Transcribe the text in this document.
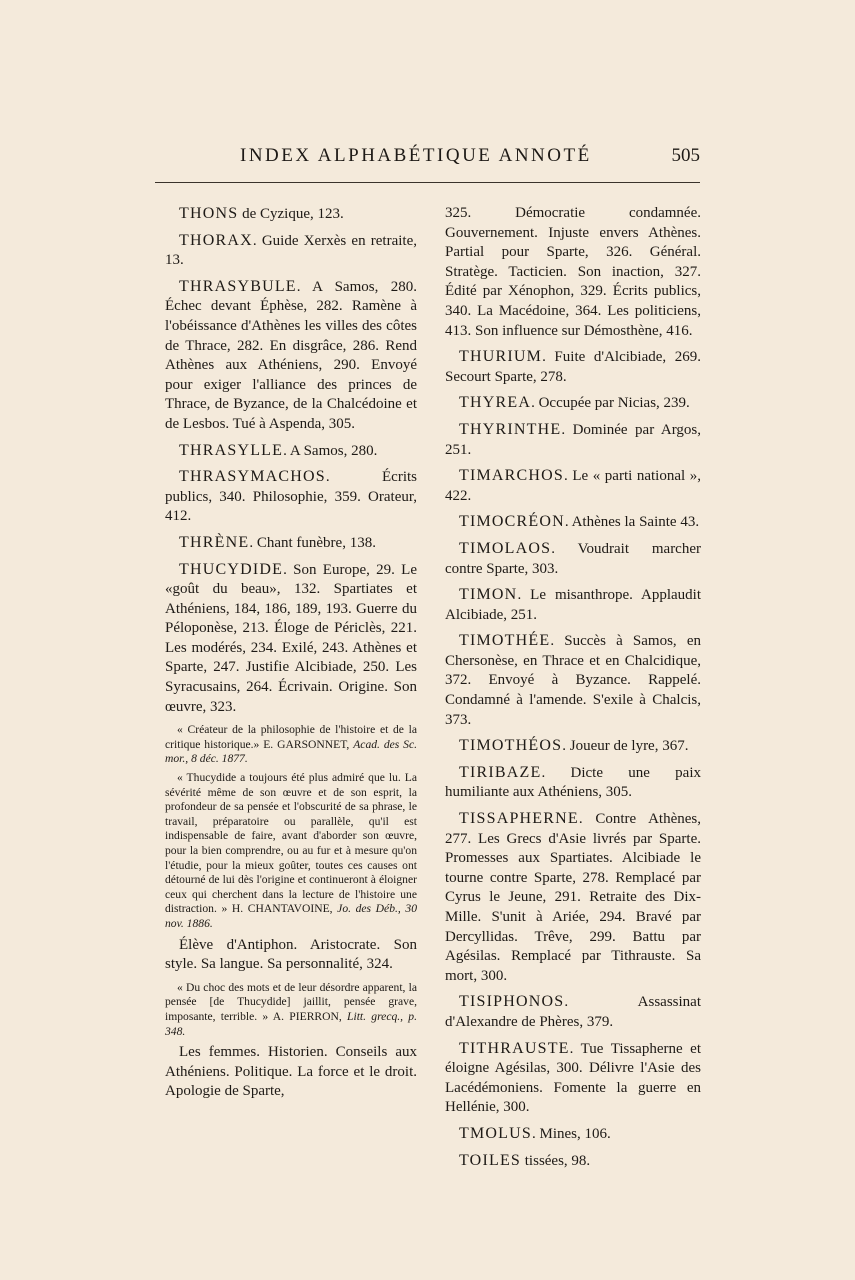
INDEX ALPHABÉTIQUE ANNOTÉ	505

THONS de Cyzique, 123.

THORAX. Guide Xerxès en retraite, 13.

THRASYBULE. A Samos, 280. Échec devant Éphèse, 282. Ramène à l'obéissance d'Athènes les villes des côtes de Thrace, 282. En disgrâce, 286. Rend Athènes aux Athéniens, 290. Envoyé pour exiger l'alliance des princes de Thrace, de Byzance, de la Chalcédoine et de Lesbos. Tué à Aspenda, 305.

THRASYLLE. A Samos, 280.

THRASYMACHOS. Écrits publics, 340. Philosophie, 359. Orateur, 412.

THRÈNE. Chant funèbre, 138.

THUCYDIDE. Son Europe, 29. Le «goût du beau», 132. Spartiates et Athéniens, 184, 186, 189, 193. Guerre du Péloponèse, 213. Éloge de Périclès, 221. Les modérés, 234. Exilé, 243. Athènes et Sparte, 247. Justifie Alcibiade, 250. Les Syracusains, 264. Écrivain. Origine. Son œuvre, 323.

« Créateur de la philosophie de l'histoire et de la critique historique.» E. GARSONNET, Acad. des Sc. mor., 8 déc. 1877.

« Thucydide a toujours été plus admiré que lu. La sévérité même de son œuvre et de son esprit, la profondeur de sa pensée et l'obscurité de sa phrase, le travail, préparatoire ou parallèle, qu'il est indispensable de faire, avant d'aborder son œuvre, pour la bien comprendre, ou au fur et à mesure qu'on l'étudie, pour la mieux goûter, toutes ces causes ont détourné de lui dès l'origine et continueront à éloigner ceux qui cherchent dans la lecture de l'histoire une distraction. » H. CHANTAVOINE, Jo. des Déb., 30 nov. 1886.

Élève d'Antiphon. Aristocrate. Son style. Sa langue. Sa personnalité, 324.

« Du choc des mots et de leur désordre apparent, la pensée [de Thucydide] jaillit, pensée grave, imposante, terrible. » A. PIERRON, Litt. grecq., p. 348.

Les femmes. Historien. Conseils aux Athéniens. Politique. La force et le droit. Apologie de Sparte,

325. Démocratie condamnée. Gouvernement. Injuste envers Athènes. Partial pour Sparte, 326. Général. Stratège. Tacticien. Son inaction, 327. Édité par Xénophon, 329. Écrits publics, 340. La Macédoine, 364. Les politiciens, 413. Son influence sur Démosthène, 416.

THURIUM. Fuite d'Alcibiade, 269. Secourt Sparte, 278.

THYREA. Occupée par Nicias, 239.

THYRINTHE. Dominée par Argos, 251.

TIMARCHOS. Le « parti national », 422.

TIMOCRÉON. Athènes la Sainte 43.

TIMOLAOS. Voudrait marcher contre Sparte, 303.

TIMON. Le misanthrope. Applaudit Alcibiade, 251.

TIMOTHÉE. Succès à Samos, en Chersonèse, en Thrace et en Chalcidique, 372. Envoyé à Byzance. Rappelé. Condamné à l'amende. S'exile à Chalcis, 373.

TIMOTHÉOS. Joueur de lyre, 367.

TIRIBAZE. Dicte une paix humiliante aux Athéniens, 305.

TISSAPHERNE. Contre Athènes, 277. Les Grecs d'Asie livrés par Sparte. Promesses aux Spartiates. Alcibiade le tourne contre Sparte, 278. Remplacé par Cyrus le Jeune, 291. Retraite des Dix-Mille. S'unit à Ariée, 294. Bravé par Dercyllidas. Trêve, 299. Battu par Agésilas. Remplacé par Tithrauste. Sa mort, 300.

TISIPHONOS. Assassinat d'Alexandre de Phères, 379.

TITHRAUSTE. Tue Tissapherne et éloigne Agésilas, 300. Délivre l'Asie des Lacédémoniens. Fomente la guerre en Hellénie, 300.

TMOLUS. Mines, 106.

TOILES tissées, 98.
